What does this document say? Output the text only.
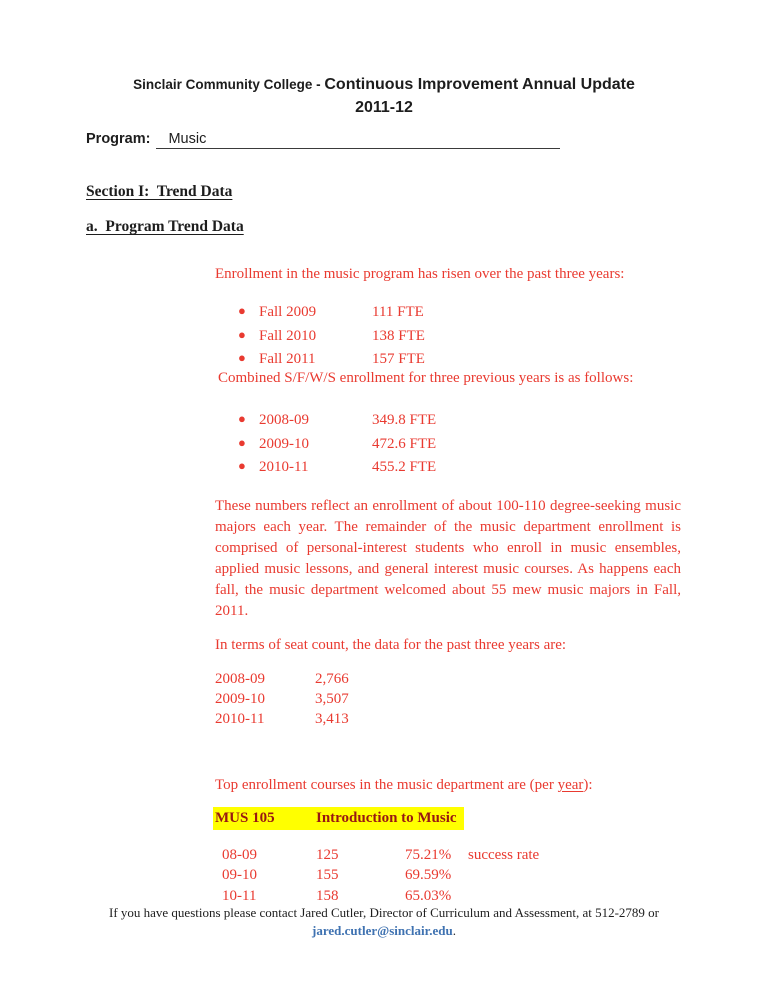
Sinclair Community College - Continuous Improvement Annual Update
2011-12
Program: Music
Section I:  Trend Data
a.  Program Trend Data
Enrollment in the music program has risen over the past three years:
● Fall 2009	111 FTE
● Fall 2010	138 FTE
● Fall 2011	157 FTE
Combined S/F/W/S enrollment for three previous years is as follows:
● 2008-09	349.8 FTE
● 2009-10	472.6 FTE
● 2010-11	455.2 FTE
These numbers reflect an enrollment of about 100-110 degree-seeking music majors each year. The remainder of the music department enrollment is comprised of personal-interest students who enroll in music ensembles, applied music lessons, and general interest music courses. As happens each fall, the music department welcomed about 55 mew music majors in Fall, 2011.
In terms of seat count, the data for the past three years are:
2008-09	2,766
2009-10	3,507
2010-11	3,413
Top enrollment courses in the music department are (per year):
MUS 105	Introduction to Music
08-09	125	75.21% success rate
09-10	155	69.59%
10-11	158	65.03%
If you have questions please contact Jared Cutler, Director of Curriculum and Assessment, at 512-2789 or
jared.cutler@sinclair.edu.
